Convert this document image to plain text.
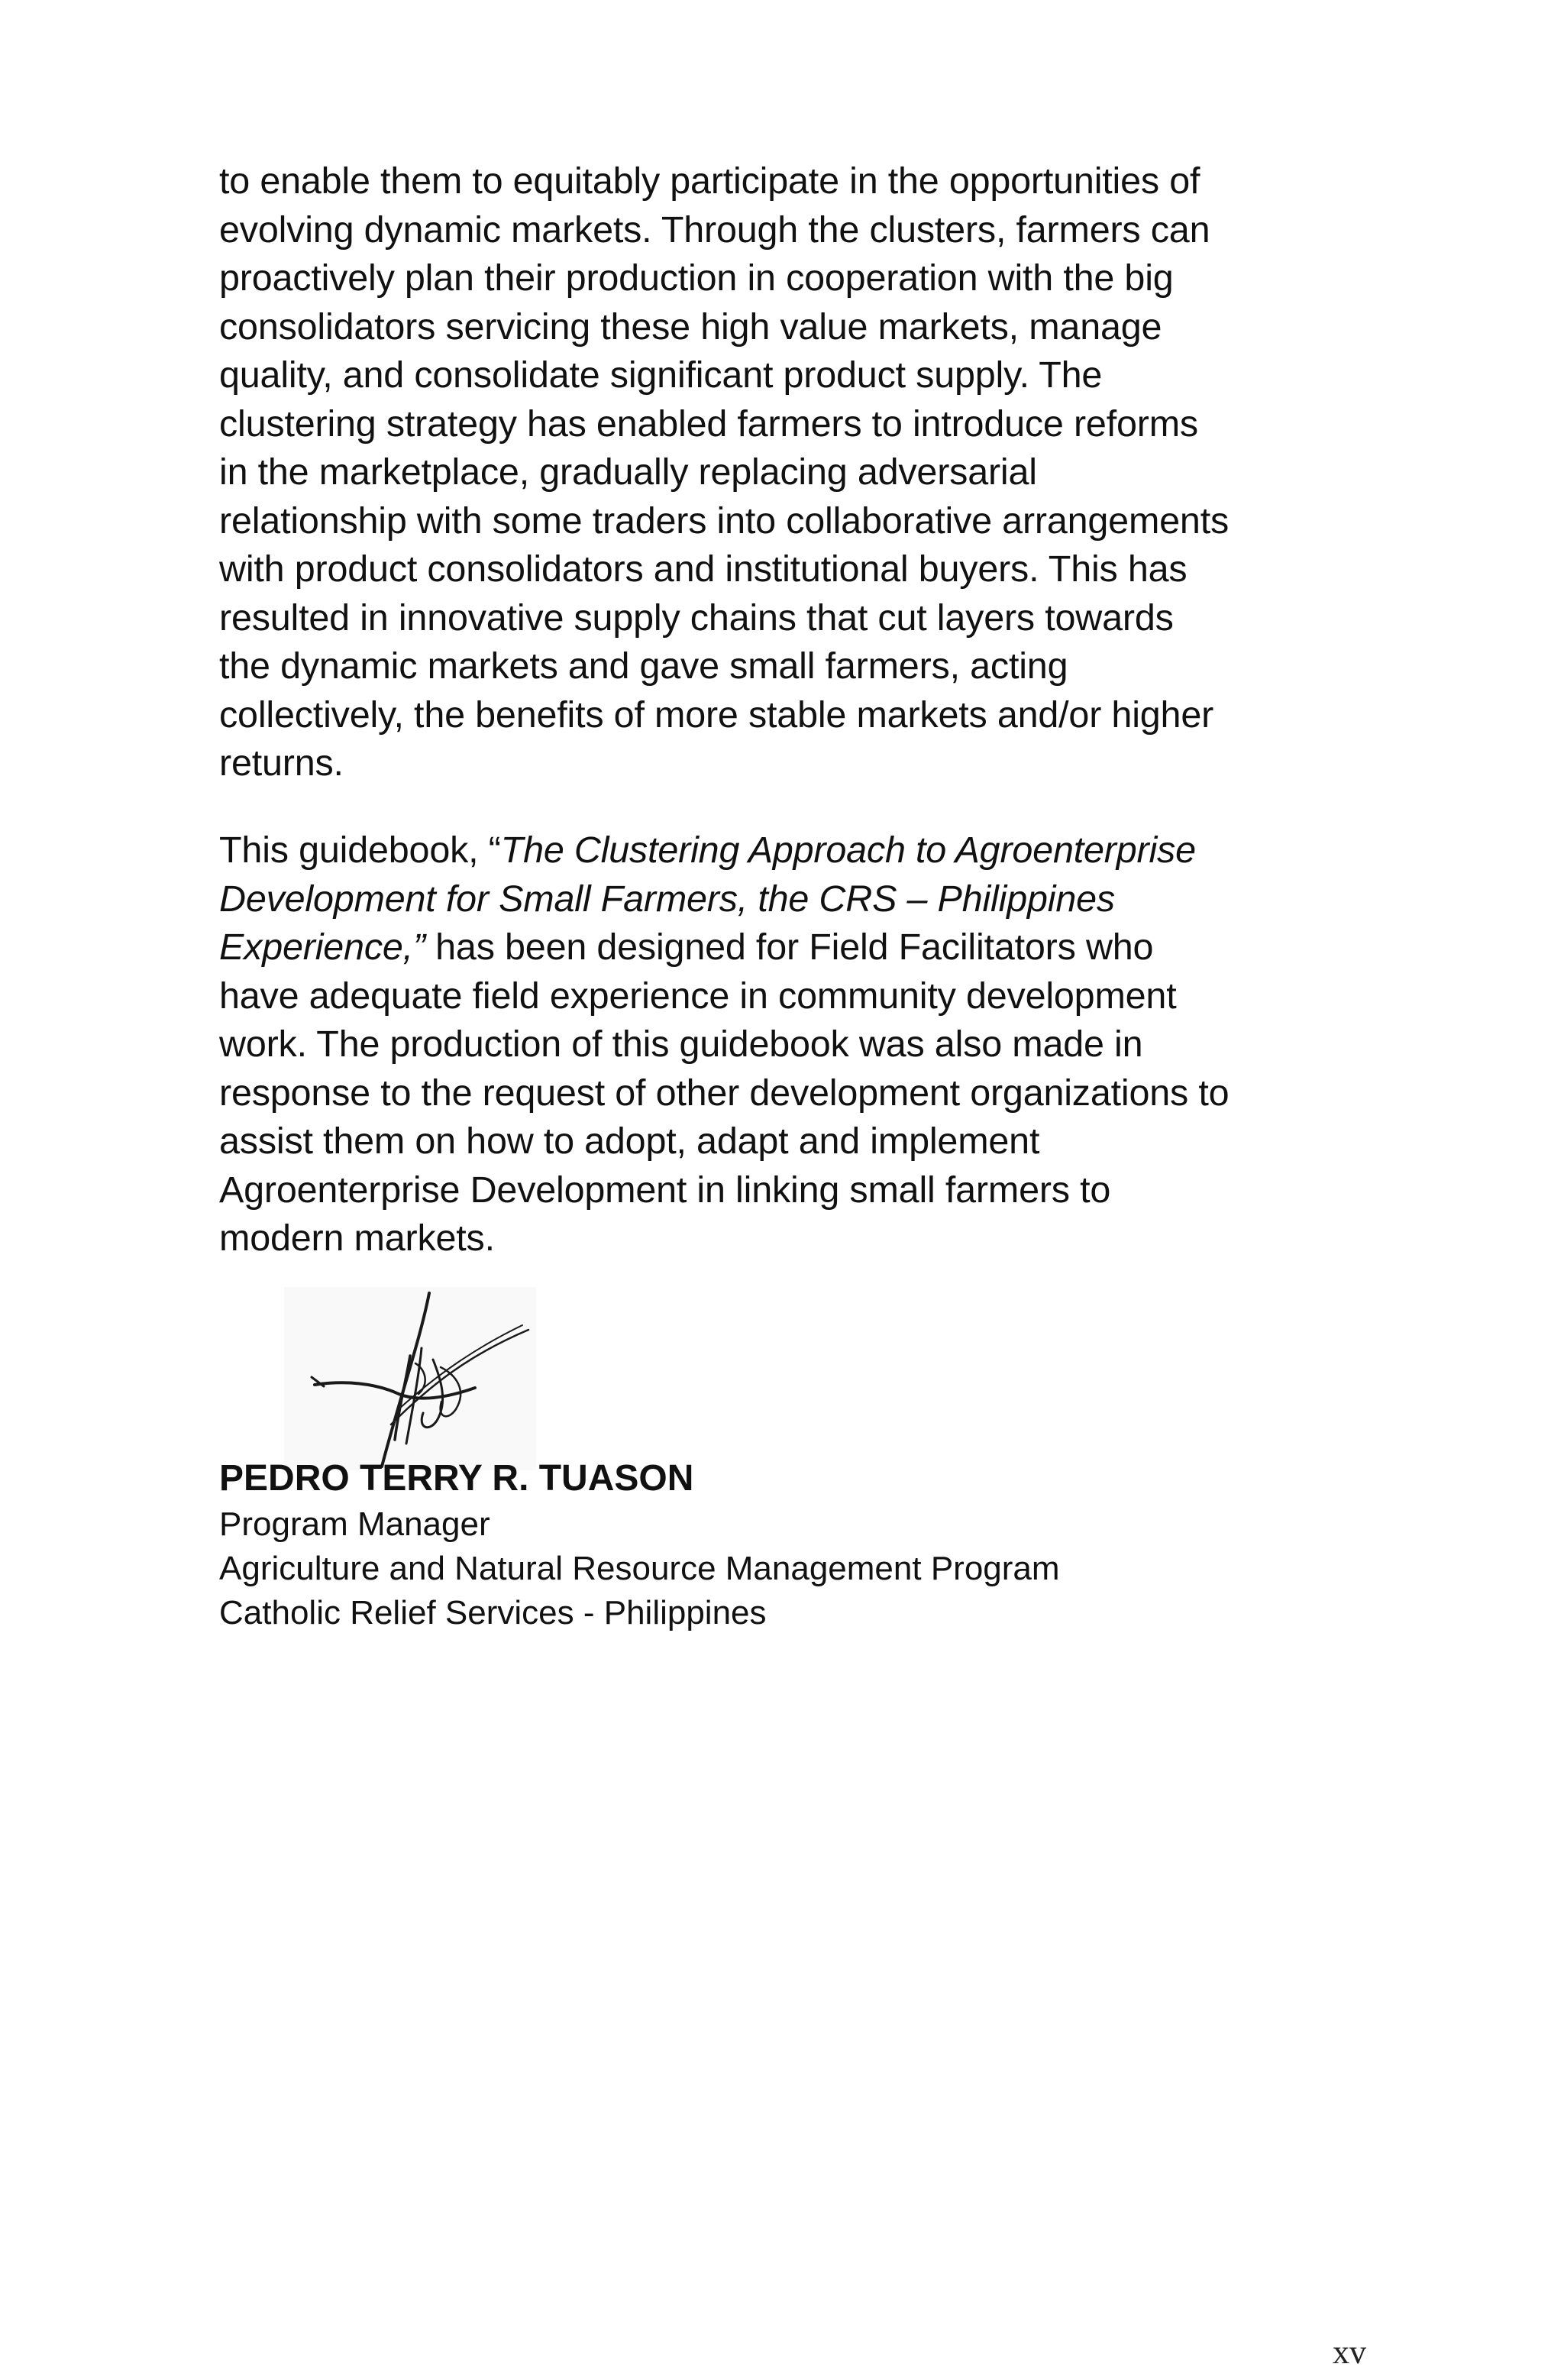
to enable them to equitably participate in the opportunities of
evolving dynamic markets. Through the clusters, farmers can
proactively plan their production in cooperation with the big
consolidators servicing these high value markets, manage
quality, and consolidate significant product supply. The
clustering strategy has enabled farmers to introduce reforms
in the marketplace, gradually replacing adversarial
relationship with some traders into collaborative arrangements
with product consolidators and institutional buyers. This has
resulted in innovative supply chains that cut layers towards
the dynamic markets and gave small farmers, acting
collectively, the benefits of more stable markets and/or higher
returns.

This guidebook, “The Clustering Approach to Agroenterprise
Development for Small Farmers, the CRS – Philippines
Experience,” has been designed for Field Facilitators who
have adequate field experience in community development
work. The production of this guidebook was also made in
response to the request of other development organizations to
assist them on how to adopt, adapt and implement
Agroenterprise Development in linking small farmers to
modern markets.

PEDRO TERRY R. TUASON

Program Manager

Agriculture and Natural Resource Management Program

Catholic Relief Services - Philippines

xv
